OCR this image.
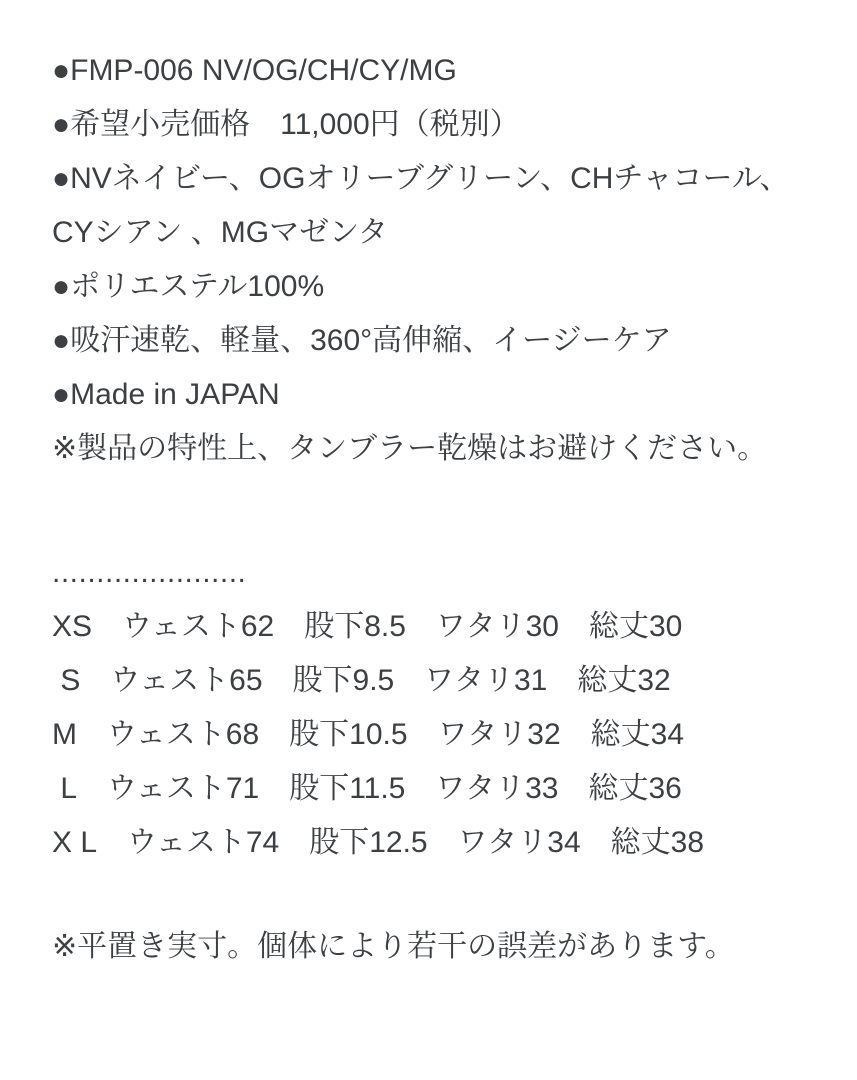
●FMP-006 NV/OG/CH/CY/MG

●希望小売価格　11,000円（税別）

●NVネイビー、OGオリーブグリーン、CHチャコール、CYシアン 、MGマゼンタ

●ポリエステル100%

●吸汗速乾、軽量、360°高伸縮、イージーケア

●Made in JAPAN

※製品の特性上、タンブラー乾燥はお避けください。

......................

XS ウェスト62 股下8.5 ワタリ30 総丈30
S ウェスト65 股下9.5 ワタリ31 総丈32
M ウェスト68 股下10.5 ワタリ32 総丈34
L ウェスト71 股下11.5 ワタリ33 総丈36
X L ウェスト74 股下12.5 ワタリ34 総丈38

※平置き実寸。個体により若干の誤差があります。
